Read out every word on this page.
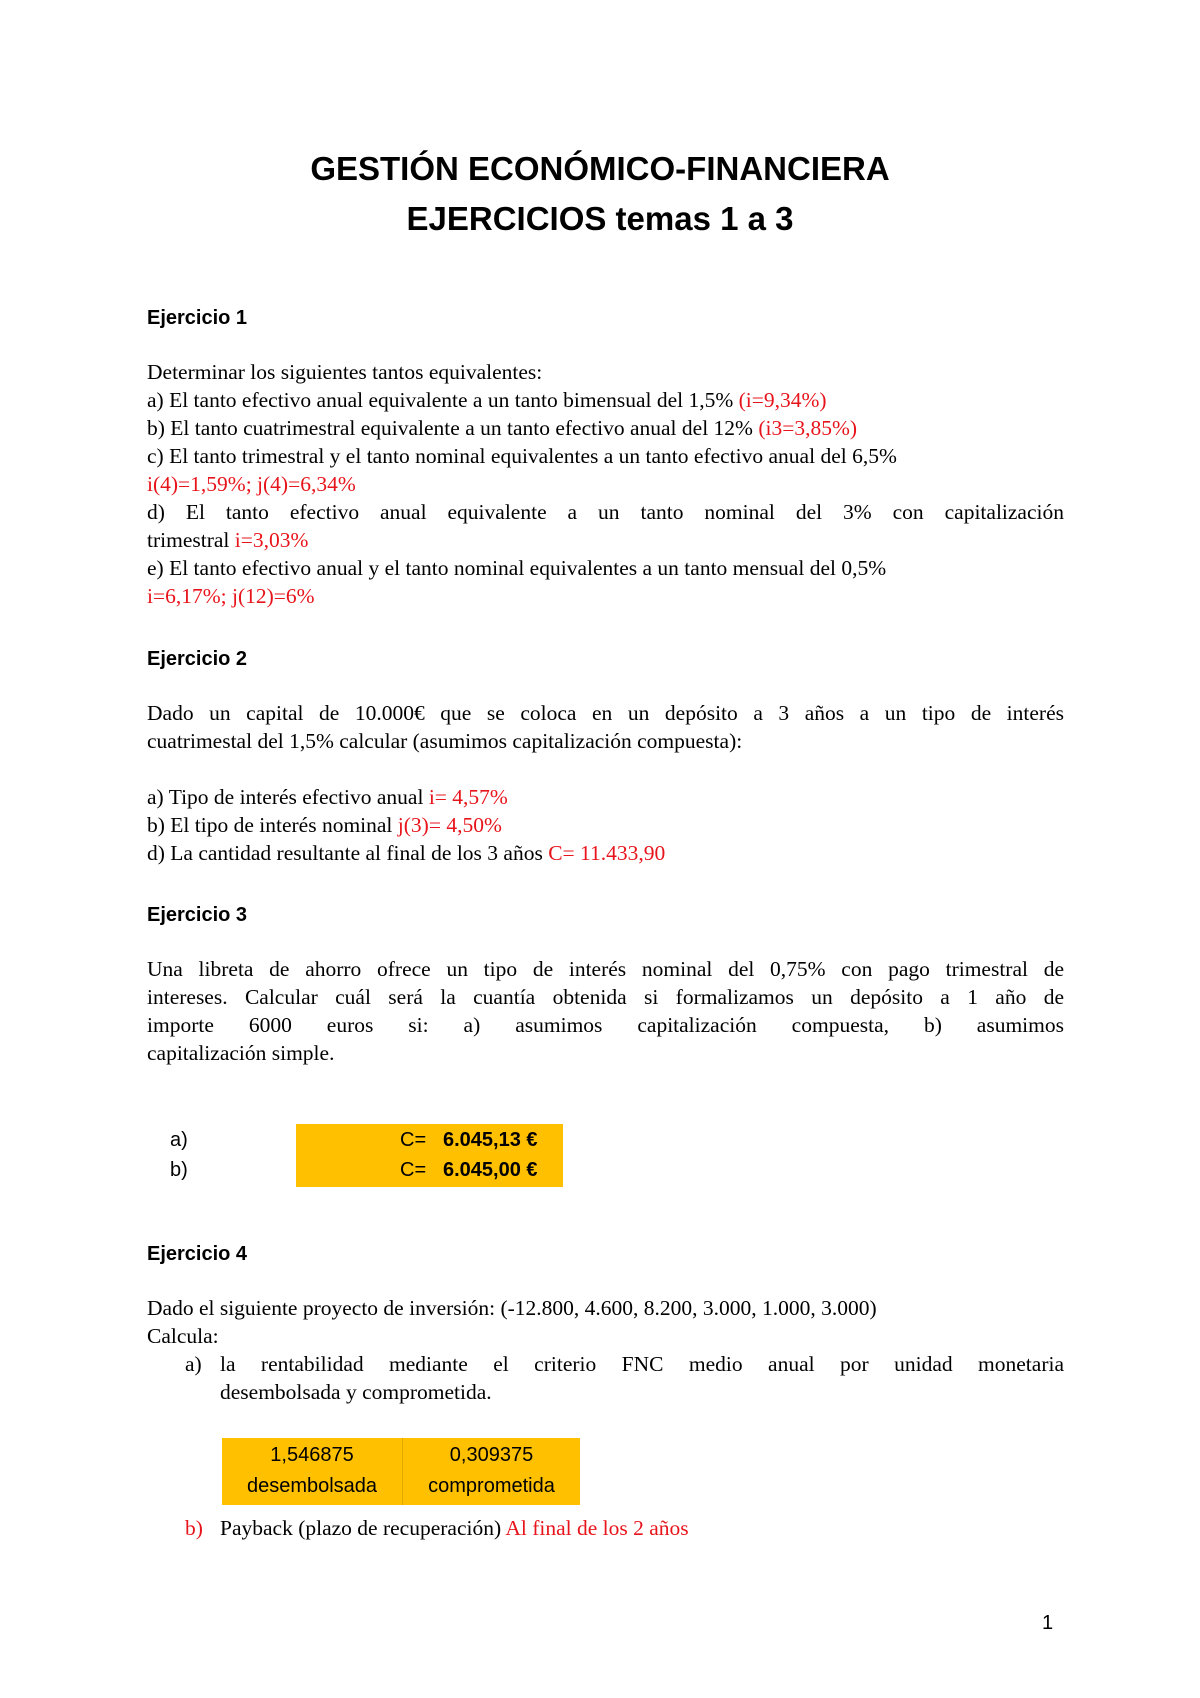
GESTIÓN ECONÓMICO-FINANCIERA
EJERCICIOS temas 1 a 3
Ejercicio 1
Determinar los siguientes tantos equivalentes:
a) El tanto efectivo anual equivalente a un tanto bimensual del 1,5% (i=9,34%)
b) El tanto cuatrimestral equivalente a un tanto efectivo anual del 12% (i3=3,85%)
c) El tanto trimestral y el tanto nominal equivalentes a un tanto efectivo anual del 6,5%
i(4)=1,59%; j(4)=6,34%
d) El tanto efectivo anual equivalente a un tanto nominal del 3% con capitalización
trimestral i=3,03%
e) El tanto efectivo anual y el tanto nominal equivalentes a un tanto mensual del 0,5%
i=6,17%; j(12)=6%
Ejercicio 2
Dado un capital de 10.000€ que se coloca en un depósito a 3 años a un tipo de interés
cuatrimestal del 1,5% calcular (asumimos capitalización compuesta):
a) Tipo de interés efectivo anual i= 4,57%
b) El tipo de interés nominal j(3)= 4,50%
d) La cantidad resultante al final de los 3 años C= 11.433,90
Ejercicio 3
Una libreta de ahorro ofrece un tipo de interés nominal del 0,75% con pago trimestral de
intereses. Calcular cuál será la cuantía obtenida si formalizamos un depósito a 1 año de
importe 6000 euros si: a) asumimos capitalización compuesta, b) asumimos
capitalización simple.
a)	C= 6.045,13 €
b)	C= 6.045,00 €
Ejercicio 4
Dado el siguiente proyecto de inversión: (-12.800, 4.600, 8.200, 3.000, 1.000, 3.000)
Calcula:
a) la rentabilidad mediante el criterio FNC medio anual por unidad monetaria
desembolsada y comprometida.
1,546875	0,309375
desembolsada	comprometida
b) Payback (plazo de recuperación) Al final de los 2 años
1
